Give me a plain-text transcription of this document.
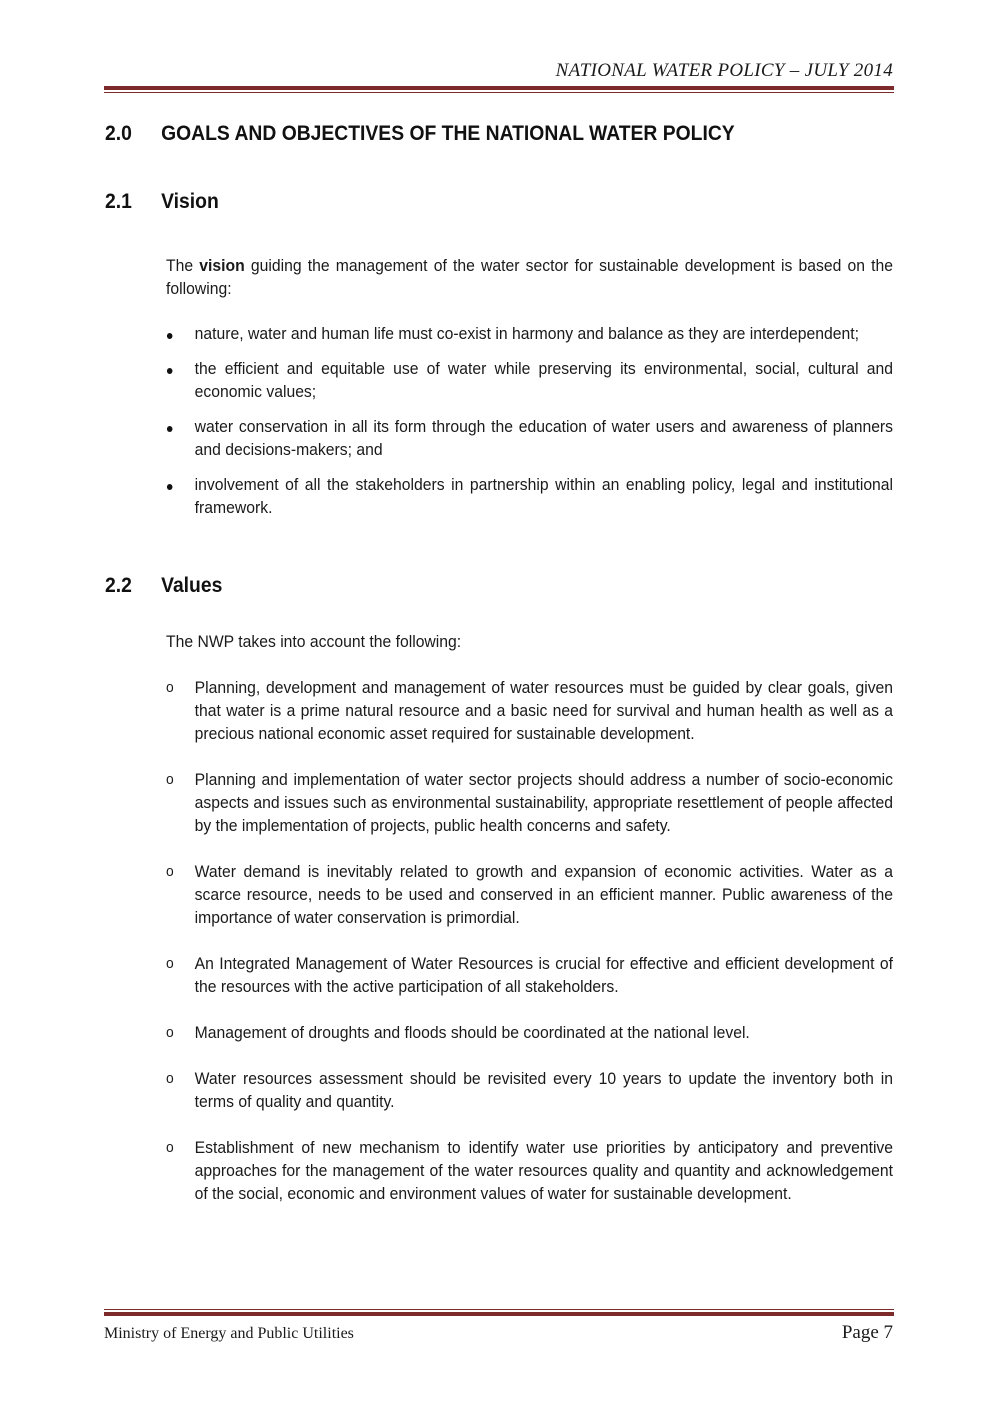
NATIONAL WATER POLICY – JULY 2014
2.0 GOALS AND OBJECTIVES OF THE NATIONAL WATER POLICY
2.1 Vision
The vision guiding the management of the water sector for sustainable development is based on the following:
nature, water and human life must co-exist in harmony and balance as they are interdependent;
the efficient and equitable use of water while preserving its environmental, social, cultural and economic values;
water conservation in all its form through the education of water users and awareness of planners and decisions-makers; and
involvement of all the stakeholders in partnership within an enabling policy, legal and institutional framework.
2.2 Values
The NWP takes into account the following:
o	Planning, development and management of water resources must be guided by clear goals, given that water is a prime natural resource and a basic need for survival and human health as well as a precious national economic asset required for sustainable development.
o	Planning and implementation of water sector projects should address a number of socio-economic aspects and issues such as environmental sustainability, appropriate resettlement of people affected by the implementation of projects, public health concerns and safety.
o	Water demand is inevitably related to growth and expansion of economic activities. Water as a scarce resource, needs to be used and conserved in an efficient manner. Public awareness of the importance of water conservation is primordial.
o	An Integrated Management of Water Resources is crucial for effective and efficient development of the resources with the active participation of all stakeholders.
o	Management of droughts and floods should be coordinated at the national level.
o	Water resources assessment should be revisited every 10 years to update the inventory both in terms of quality and quantity.
o	Establishment of new mechanism to identify water use priorities by anticipatory and preventive approaches for the management of the water resources quality and quantity and acknowledgement of the social, economic and environment values of water for sustainable development.
Ministry of Energy and Public Utilities	Page 7
